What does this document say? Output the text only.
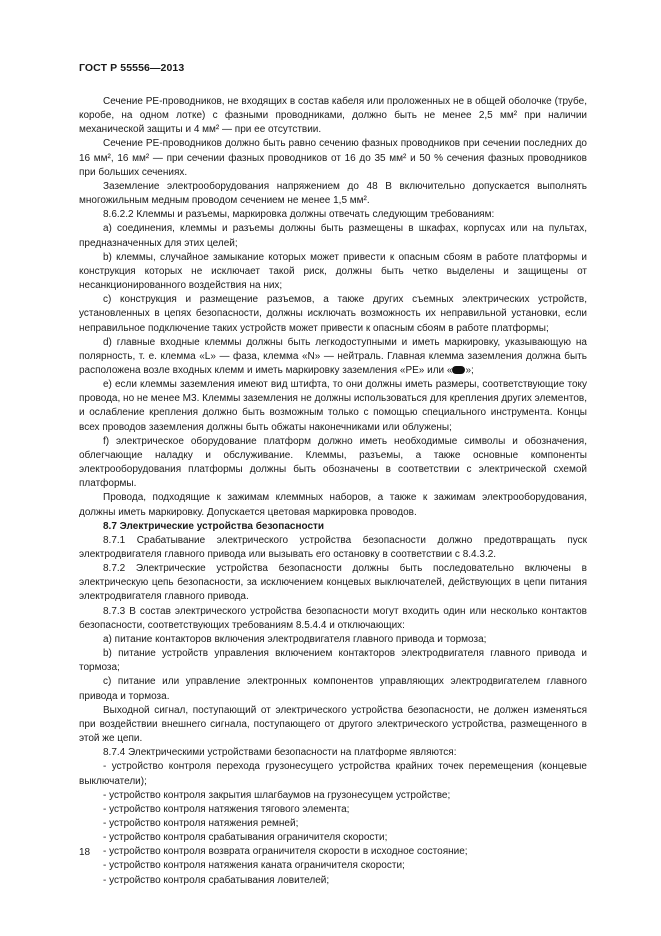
ГОСТ Р 55556—2013

Сечение PE-проводников, не входящих в состав кабеля или проложенных не в общей оболочке (трубе, коробе, на одном лотке) с фазными проводниками, должно быть не менее 2,5 мм² при наличии механической защиты и 4 мм² — при ее отсутствии.

Сечение PE-проводников должно быть равно сечению фазных проводников при сечении последних до 16 мм², 16 мм² — при сечении фазных проводников от 16 до 35 мм² и 50 % сечения фазных проводников при больших сечениях.

Заземление электрооборудования напряжением до 48 В включительно допускается выполнять многожильным медным проводом сечением не менее 1,5 мм².

8.6.2.2 Клеммы и разъемы, маркировка должны отвечать следующим требованиям:

a) соединения, клеммы и разъемы должны быть размещены в шкафах, корпусах или на пультах, предназначенных для этих целей;

b) клеммы, случайное замыкание которых может привести к опасным сбоям в работе платформы и конструкция которых не исключает такой риск, должны быть четко выделены и защищены от несанкционированного воздействия на них;

c) конструкция и размещение разъемов, а также других съемных электрических устройств, установленных в цепях безопасности, должны исключать возможность их неправильной установки, если неправильное подключение таких устройств может привести к опасным сбоям в работе платформы;

d) главные входные клеммы должны быть легкодоступными и иметь маркировку, указывающую на полярность, т. е. клемма «L» — фаза, клемма «N» — нейтраль. Главная клемма заземления должна быть расположена возле входных клемм и иметь маркировку заземления «PE» или «	⏚»;

e) если клеммы заземления имеют вид штифта, то они должны иметь размеры, соответствующие току провода, но не менее М3. Клеммы заземления не должны использоваться для крепления других элементов, и ослабление крепления должно быть возможным только с помощью специального инструмента. Концы всех проводов заземления должны быть обжаты наконечниками или облужены;

f) электрическое оборудование платформ должно иметь необходимые символы и обозначения, облегчающие наладку и обслуживание. Клеммы, разъемы, а также основные компоненты электрооборудования платформы должны быть обозначены в соответствии с электрической схемой платформы.

Провода, подходящие к зажимам клеммных наборов, а также к зажимам электрооборудования, должны иметь маркировку. Допускается цветовая маркировка проводов.

8.7 Электрические устройства безопасности

8.7.1 Срабатывание электрического устройства безопасности должно предотвращать пуск электродвигателя главного привода или вызывать его остановку в соответствии с 8.4.3.2.

8.7.2 Электрические устройства безопасности должны быть последовательно включены в электрическую цепь безопасности, за исключением концевых выключателей, действующих в цепи питания электродвигателя главного привода.

8.7.3 В состав электрического устройства безопасности могут входить один или несколько контактов безопасности, соответствующих требованиям 8.5.4.4 и отключающих:

a) питание контакторов включения электродвигателя главного привода и тормоза;

b) питание устройств управления включением контакторов электродвигателя главного привода и тормоза;

c) питание или управление электронных компонентов управляющих электродвигателем главного привода и тормоза.

Выходной сигнал, поступающий от электрического устройства безопасности, не должен изменяться при воздействии внешнего сигнала, поступающего от другого электрического устройства, размещенного в этой же цепи.

8.7.4 Электрическими устройствами безопасности на платформе являются:

- устройство контроля перехода грузонесущего устройства крайних точек перемещения (концевые выключатели);

- устройство контроля закрытия шлагбаумов на грузонесущем устройстве;

- устройство контроля натяжения тягового элемента;

- устройство контроля натяжения ремней;

- устройство контроля срабатывания ограничителя скорости;

- устройство контроля возврата ограничителя скорости в исходное состояние;

- устройство контроля натяжения каната ограничителя скорости;

- устройство контроля срабатывания ловителей;

18
